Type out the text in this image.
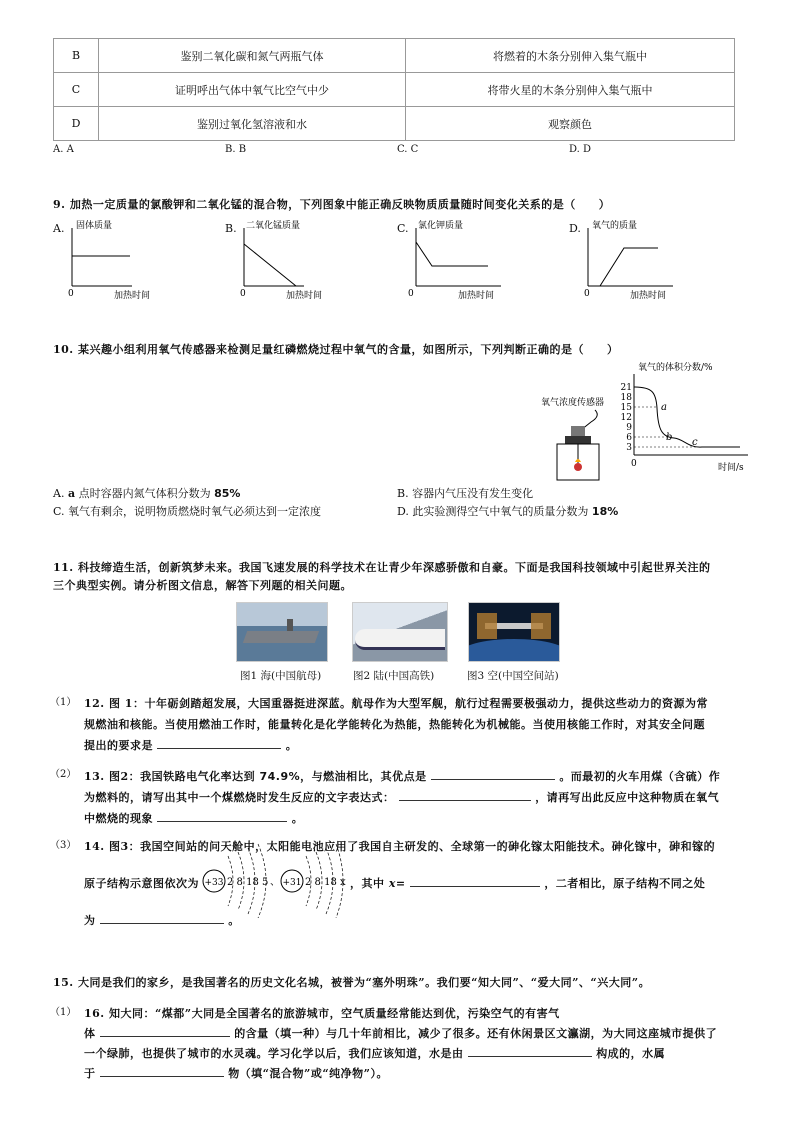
B	鉴别二氧化碳和氮气两瓶气体	将燃着的木条分别伸入集气瓶中
C	证明呼出气体中氧气比空气中少	将带火星的木条分别伸入集气瓶中
D	鉴别过氧化氢溶液和水	观察颜色
A. A	B. B	C. C	D. D
9. 加热一定质量的氯酸钾和二氧化锰的混合物，下列图象中能正确反映物质质量随时间变化关系的是（　　）
A. 固体质量
0	加热时间
B. 二氧化锰质量
0	加热时间
C. 氯化钾质量
0	加热时间
D. 氧气的质量
0	加热时间
10. 某兴趣小组利用氧气传感器来检测足量红磷燃烧过程中氧气的含量，如图所示，下列判断正确的是（　　）
氧气浓度传感器
氧气的体积分数/%
21
18
15
12
9
6
3
a
b c
0	时间/s
A. a 点时容器内氮气体积分数为 85%	B. 容器内气压没有发生变化
C. 氧气有剩余，说明物质燃烧时氧气必须达到一定浓度	D. 此实验测得空气中氧气的质量分数为 18%
11. 科技缔造生活，创新筑梦未来。我国飞速发展的科学技术在让青少年深感骄傲和自豪。下面是我国科技领域中引起世界关注的
三个典型实例。请分析图文信息，解答下列题的相关问题。
图1 海(中国航母)	图2 陆(中国高铁)	图3 空(中国空间站)
（1） 12. 图 1：十年砺剑踏超发展，大国重器挺进深蓝。航母作为大型军舰，航行过程需要极强动力，提供这些动力的资源为常
规燃油和核能。当使用燃油工作时，能量转化是化学能转化为热能，热能转化为机械能。当使用核能工作时，对其安全问题
提出的要求是	。
（2） 13. 图2：我国铁路电气化率达到 74.9%，与燃油相比，其优点是	。而最初的火车用煤（含硫）作
为燃料的，请写出其中一个煤燃烧时发生反应的文字表达式：	，请再写出此反应中这种物质在氧气
中燃烧的现象	。
（3） 14. 图3：我国空间站的问天舱中，太阳能电池应用了我国自主研发的、全球第一的砷化镓太阳能技术。砷化镓中，砷和镓的
原子结构示意图依次为 +33 2 8 18 5 、 +31 2 8 18 x ，其中 x=	，二者相比，原子结构不同之处
为	。
15. 大同是我们的家乡，是我国著名的历史文化名城，被誉为“塞外明珠”。我们要“知大同”、“爱大同”、“兴大同”。
（1） 16. 知大同：“煤都”大同是全国著名的旅游城市，空气质量经常能达到优，污染空气的有害气
体	的含量（填一种）与几十年前相比，减少了很多。还有休闲景区文瀛湖，为大同这座城市提供了
一个绿肺，也提供了城市的水灵魂。学习化学以后，我们应该知道，水是由	构成的，水属
于	物（填“混合物”或“纯净物”）。
